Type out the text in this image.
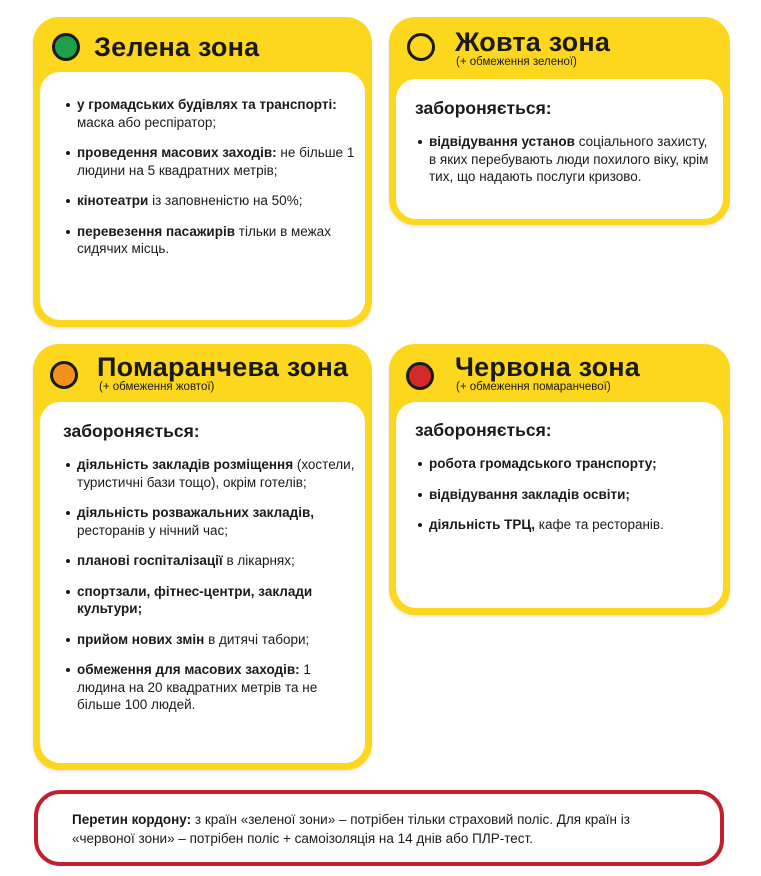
Зелена зона
у громадських будівлях та транспорті: маска або респіратор;
проведення масових заходів: не більше 1 людини на 5 квадратних метрів;
кінотеатри із заповненістю на 50%;
перевезення пасажирів тільки в межах сидячих місць.
Жовта зона
(+ обмеження зеленої)
забороняється:
відвідування установ соціального захисту, в яких перебувають люди похилого віку, крім тих, що надають послуги кризово.
Помаранчева зона
(+ обмеження жовтої)
забороняється:
діяльність закладів розміщення (хостели, туристичні бази тощо), окрім готелів;
діяльність розважальних закладів, ресторанів у нічний час;
планові госпіталізації в лікарнях;
спортзали, фітнес-центри, заклади культури;
прийом нових змін в дитячі табори;
обмеження для масових заходів: 1 людина на 20 квадратних метрів та не більше 100 людей.
Червона зона
(+ обмеження помаранчевої)
забороняється:
робота громадського транспорту;
відвідування закладів освіти;
діяльність ТРЦ, кафе та ресторанів.
Перетин кордону: з країн «зеленої зони» – потрібен тільки страховий поліс. Для країн із «червоної зони» – потрібен поліс + самоізоляція на 14 днів або ПЛР-тест.
